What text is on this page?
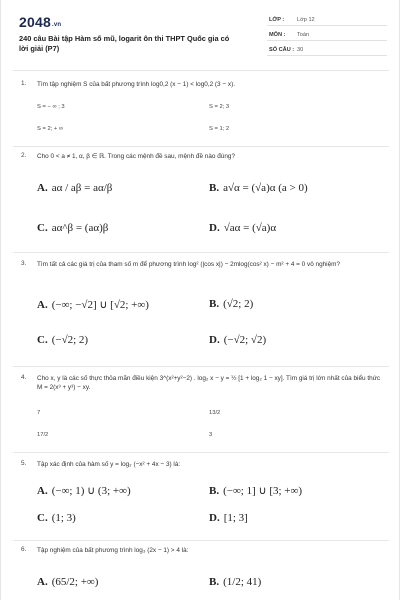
2048.vn
240 câu Bài tập Hàm số mũ, logarit ôn thi THPT Quốc gia có lời giải (P7)
LỚP : Lớp 12
MÔN : Toán
SỐ CÂU : 30
1.	Tìm tập nghiệm S của bất phương trình log0,2 (x − 1) < log0,2 (3 − x).
S = − ∞ ; 3	S = 2; 3
S = 2; + ∞	S = 1; 2
2.	Cho 0 < a ≠ 1, α, β ∈ ℝ. Trong các mệnh đề sau, mệnh đề nào đúng?
A. aα / aβ = aα/β	B. a√α = (√a)α (a > 0)
C. aα^β = (aα)β	D. √aα = (√a)α
3.	Tìm tất cả các giá trị của tham số m để phương trình log² (|cos x|) − 2mlog(cos² x) − m² + 4 = 0 vô nghiệm?
A. (−∞; −√2] ∪ [√2; +∞)	B. (√2; 2)
C. (−√2; 2)	D. (−√2; √2)
4.	Cho x, y là các số thực thỏa mãn điều kiện 3^(x²+y²−2) . log₂ x − y = ½ [1 + log₂ 1 − xy]. Tìm giá trị lớn nhất của biểu thức M = 2(x³ + y³) − xy.
7	13/2
17/2	3
5.	Tập xác định của hàm số y = log₂ (−x² + 4x − 3) là:
A. (−∞; 1) ∪ (3; +∞)	B. (−∞; 1] ∪ [3; +∞)
C. (1; 3)	D. [1; 3]
6.	Tập nghiệm của bất phương trình log₃ (2x − 1) > 4 là:
A. (65/2; +∞)	B. (1/2; 41)
